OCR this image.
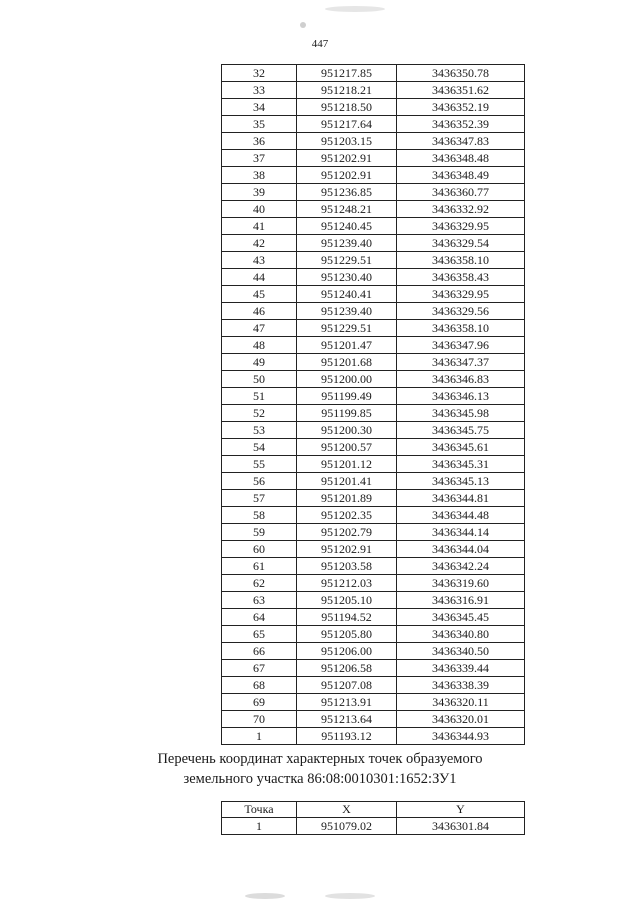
447
32	951217.85	3436350.78
33	951218.21	3436351.62
34	951218.50	3436352.19
35	951217.64	3436352.39
36	951203.15	3436347.83
37	951202.91	3436348.48
38	951202.91	3436348.49
39	951236.85	3436360.77
40	951248.21	3436332.92
41	951240.45	3436329.95
42	951239.40	3436329.54
43	951229.51	3436358.10
44	951230.40	3436358.43
45	951240.41	3436329.95
46	951239.40	3436329.56
47	951229.51	3436358.10
48	951201.47	3436347.96
49	951201.68	3436347.37
50	951200.00	3436346.83
51	951199.49	3436346.13
52	951199.85	3436345.98
53	951200.30	3436345.75
54	951200.57	3436345.61
55	951201.12	3436345.31
56	951201.41	3436345.13
57	951201.89	3436344.81
58	951202.35	3436344.48
59	951202.79	3436344.14
60	951202.91	3436344.04
61	951203.58	3436342.24
62	951212.03	3436319.60
63	951205.10	3436316.91
64	951194.52	3436345.45
65	951205.80	3436340.80
66	951206.00	3436340.50
67	951206.58	3436339.44
68	951207.08	3436338.39
69	951213.91	3436320.11
70	951213.64	3436320.01
1	951193.12	3436344.93
Перечень координат характерных точек образуемого
земельного участка 86:08:0010301:1652:ЗУ1
Точка	X	Y
1	951079.02	3436301.84
